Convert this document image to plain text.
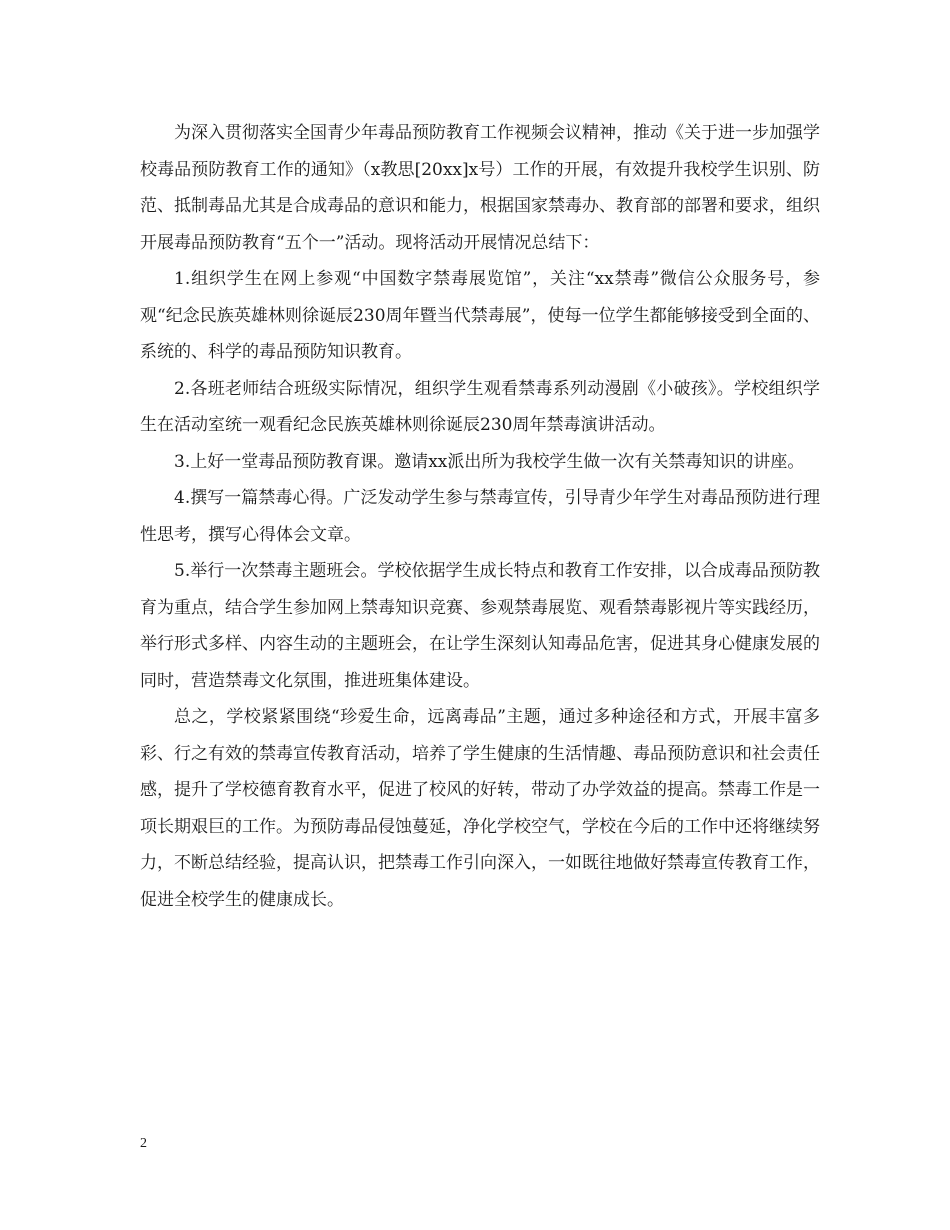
为深入贯彻落实全国青少年毒品预防教育工作视频会议精神，推动《关于进一步加强学校毒品预防教育工作的通知》（x教思[20xx]x号）工作的开展，有效提升我校学生识别、防范、抵制毒品尤其是合成毒品的意识和能力，根据国家禁毒办、教育部的部署和要求，组织开展毒品预防教育“五个一”活动。现将活动开展情况总结下：

1.组织学生在网上参观“中国数字禁毒展览馆”，关注“xx禁毒”微信公众服务号，参观“纪念民族英雄林则徐诞辰230周年暨当代禁毒展”，使每一位学生都能够接受到全面的、系统的、科学的毒品预防知识教育。

2.各班老师结合班级实际情况，组织学生观看禁毒系列动漫剧《小破孩》。学校组织学生在活动室统一观看纪念民族英雄林则徐诞辰230周年禁毒演讲活动。

3.上好一堂毒品预防教育课。邀请xx派出所为我校学生做一次有关禁毒知识的讲座。

4.撰写一篇禁毒心得。广泛发动学生参与禁毒宣传，引导青少年学生对毒品预防进行理性思考，撰写心得体会文章。

5.举行一次禁毒主题班会。学校依据学生成长特点和教育工作安排，以合成毒品预防教育为重点，结合学生参加网上禁毒知识竞赛、参观禁毒展览、观看禁毒影视片等实践经历，举行形式多样、内容生动的主题班会，在让学生深刻认知毒品危害，促进其身心健康发展的同时，营造禁毒文化氛围，推进班集体建设。

总之，学校紧紧围绕“珍爱生命，远离毒品”主题，通过多种途径和方式，开展丰富多彩、行之有效的禁毒宣传教育活动，培养了学生健康的生活情趣、毒品预防意识和社会责任感，提升了学校德育教育水平，促进了校风的好转，带动了办学效益的提高。禁毒工作是一项长期艰巨的工作。为预防毒品侵蚀蔓延，净化学校空气，学校在今后的工作中还将继续努力，不断总结经验，提高认识，把禁毒工作引向深入，一如既往地做好禁毒宣传教育工作，促进全校学生的健康成长。

2
